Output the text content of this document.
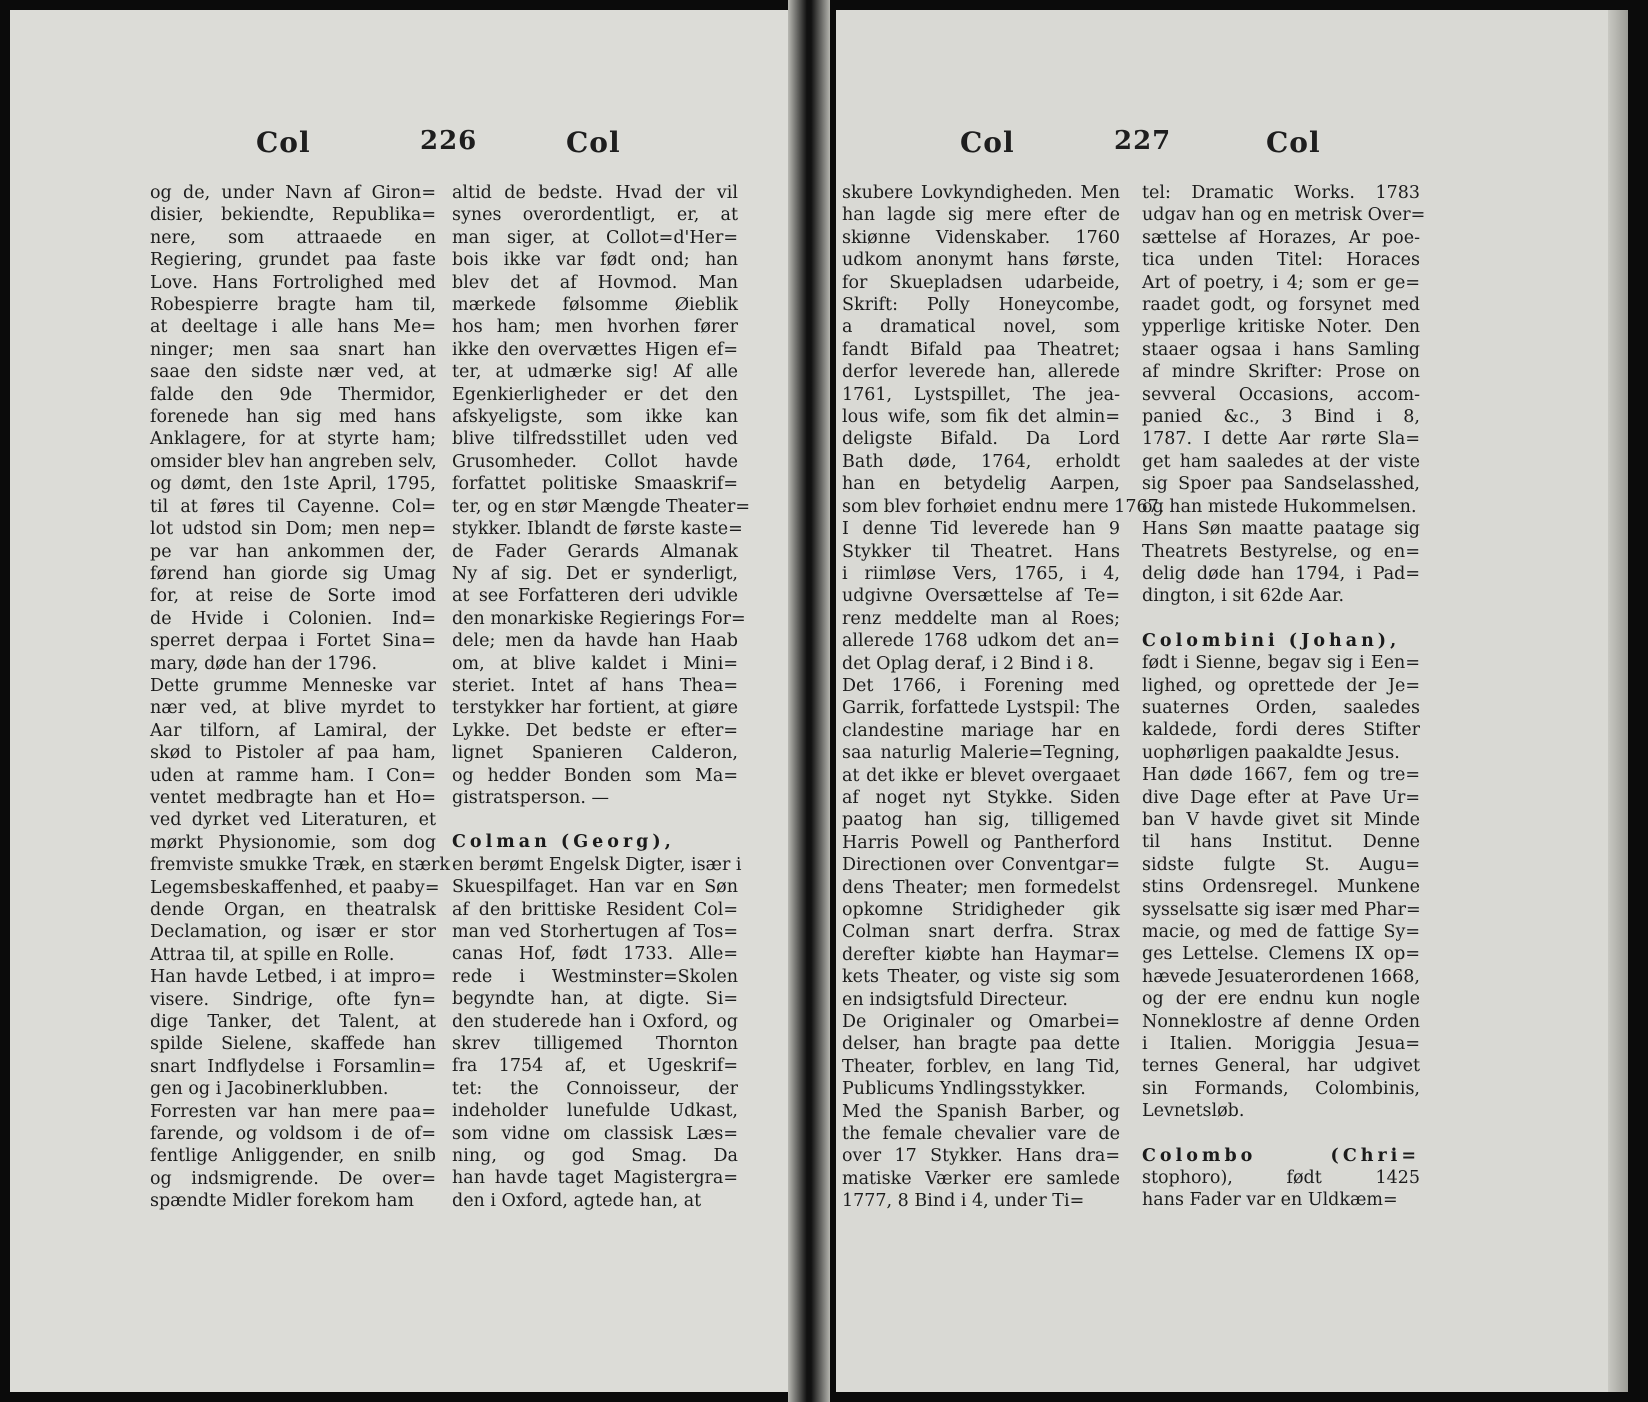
Col	226	Col
og de, under Navn af Giron=
disier, bekiendte, Republika=
nere, som attraaede en
Regiering, grundet paa faste
Love. Hans Fortrolighed med
Robespierre bragte ham til,
at deeltage i alle hans Me=
ninger; men saa snart han
saae den sidste nær ved, at
falde den 9de Thermidor,
forenede han sig med hans
Anklagere, for at styrte ham;
omsider blev han angreben selv,
og dømt, den 1ste April, 1795,
til at føres til Cayenne. Col=
lot udstod sin Dom; men nep=
pe var han ankommen der,
førend han giorde sig Umag
for, at reise de Sorte imod
de Hvide i Colonien. Ind=
sperret derpaa i Fortet Sina=
mary, døde han der 1796.
Dette grumme Menneske var
nær ved, at blive myrdet to
Aar tilforn, af Lamiral, der
skød to Pistoler af paa ham,
uden at ramme ham. I Con=
ventet medbragte han et Ho=
ved dyrket ved Literaturen, et
mørkt Physionomie, som dog
fremviste smukke Træk, en stærk
Legemsbeskaffenhed, et paaby=
dende Organ, en theatralsk
Declamation, og især er stor
Attraa til, at spille en Rolle.
Han havde Letbed, i at impro=
visere. Sindrige, ofte fyn=
dige Tanker, det Talent, at
spilde Sielene, skaffede han
snart Indflydelse i Forsamlin=
gen og i Jacobinerklubben.
Forresten var han mere paa=
farende, og voldsom i de of=
fentlige Anliggender, en snilb
og indsmigrende. De over=
spændte Midler forekom ham
altid de bedste. Hvad der vil
synes overordentligt, er, at
man siger, at Collot=d'Her=
bois ikke var født ond; han
blev det af Hovmod. Man
mærkede følsomme Øieblik
hos ham; men hvorhen fører
ikke den overvættes Higen ef=
ter, at udmærke sig! Af alle
Egenkierligheder er det den
afskyeligste, som ikke kan
blive tilfredsstillet uden ved
Grusomheder. Collot havde
forfattet politiske Smaaskrif=
ter, og en stør Mængde Theater=
stykker. Iblandt de første kaste=
de Fader Gerards Almanak
Ny af sig. Det er synderligt,
at see Forfatteren deri udvikle
den monarkiske Regierings For=
dele; men da havde han Haab
om, at blive kaldet i Mini=
steriet. Intet af hans Thea=
terstykker har fortient, at giøre
Lykke. Det bedste er efter=
lignet Spanieren Calderon,
og hedder Bonden som Ma=
gistratsperson. —
Colman (Georg),
en berømt Engelsk Digter, især i
Skuespilfaget. Han var en Søn
af den brittiske Resident Col=
man ved Storhertugen af Tos=
canas Hof, født 1733. Alle=
rede i Westminster=Skolen
begyndte han, at digte. Si=
den studerede han i Oxford, og
skrev tilligemed Thornton
fra 1754 af, et Ugeskrif=
tet: the Connoisseur, der
indeholder lunefulde Udkast,
som vidne om classisk Læs=
ning, og god Smag. Da
han havde taget Magistergra=
den i Oxford, agtede han, at
Col	227	Col
skubere Lovkyndigheden. Men
han lagde sig mere efter de
skiønne Videnskaber. 1760
udkom anonymt hans første,
for Skuepladsen udarbeide,
Skrift: Polly Honeycombe,
a dramatical novel, som
fandt Bifald paa Theatret;
derfor leverede han, allerede
1761, Lystspillet, The jea-
lous wife, som fik det almin=
deligste Bifald. Da Lord
Bath døde, 1764, erholdt
han en betydelig Aarpen,
som blev forhøiet endnu mere 1767.
I denne Tid leverede han 9
Stykker til Theatret. Hans
i riimløse Vers, 1765, i 4,
udgivne Oversættelse af Te=
renz meddelte man al Roes;
allerede 1768 udkom det an=
det Oplag deraf, i 2 Bind i 8.
Det 1766, i Forening med
Garrik, forfattede Lystspil: The
clandestine mariage har en
saa naturlig Malerie=Tegning,
at det ikke er blevet overgaaet
af noget nyt Stykke. Siden
paatog han sig, tilligemed
Harris Powell og Pantherford
Directionen over Conventgar=
dens Theater; men formedelst
opkomne Stridigheder gik
Colman snart derfra. Strax
derefter kiøbte han Haymar=
kets Theater, og viste sig som
en indsigtsfuld Directeur.
De Originaler og Omarbei=
delser, han bragte paa dette
Theater, forblev, en lang Tid,
Publicums Yndlingsstykker.
Med the Spanish Barber, og
the female chevalier vare de
over 17 Stykker. Hans dra=
matiske Værker ere samlede
1777, 8 Bind i 4, under Ti=
tel: Dramatic Works. 1783
udgav han og en metrisk Over=
sættelse af Horazes, Ar poe-
tica unden Titel: Horaces
Art of poetry, i 4; som er ge=
raadet godt, og forsynet med
ypperlige kritiske Noter. Den
staaer ogsaa i hans Samling
af mindre Skrifter: Prose on
sevveral Occasions, accom-
panied &c., 3 Bind i 8,
1787. I dette Aar rørte Sla=
get ham saaledes at der viste
sig Spoer paa Sandselasshed,
og han mistede Hukommelsen.
Hans Søn maatte paatage sig
Theatrets Bestyrelse, og en=
delig døde han 1794, i Pad=
dington, i sit 62de Aar.
Colombini (Johan),
født i Sienne, begav sig i Een=
lighed, og oprettede der Je=
suaternes Orden, saaledes
kaldede, fordi deres Stifter
uophørligen paakaldte Jesus.
Han døde 1667, fem og tre=
dive Dage efter at Pave Ur=
ban V havde givet sit Minde
til hans Institut. Denne
sidste fulgte St. Augu=
stins Ordensregel. Munkene
sysselsatte sig især med Phar=
macie, og med de fattige Sy=
ges Lettelse. Clemens IX op=
hævede Jesuaterordenen 1668,
og der ere endnu kun nogle
Nonneklostre af denne Orden
i Italien. Moriggia Jesua=
ternes General, har udgivet
sin Formands, Colombinis,
Levnetsløb.
Colombo (Chri=
stophoro), født 1425
hans Fader var en Uldkæm=
